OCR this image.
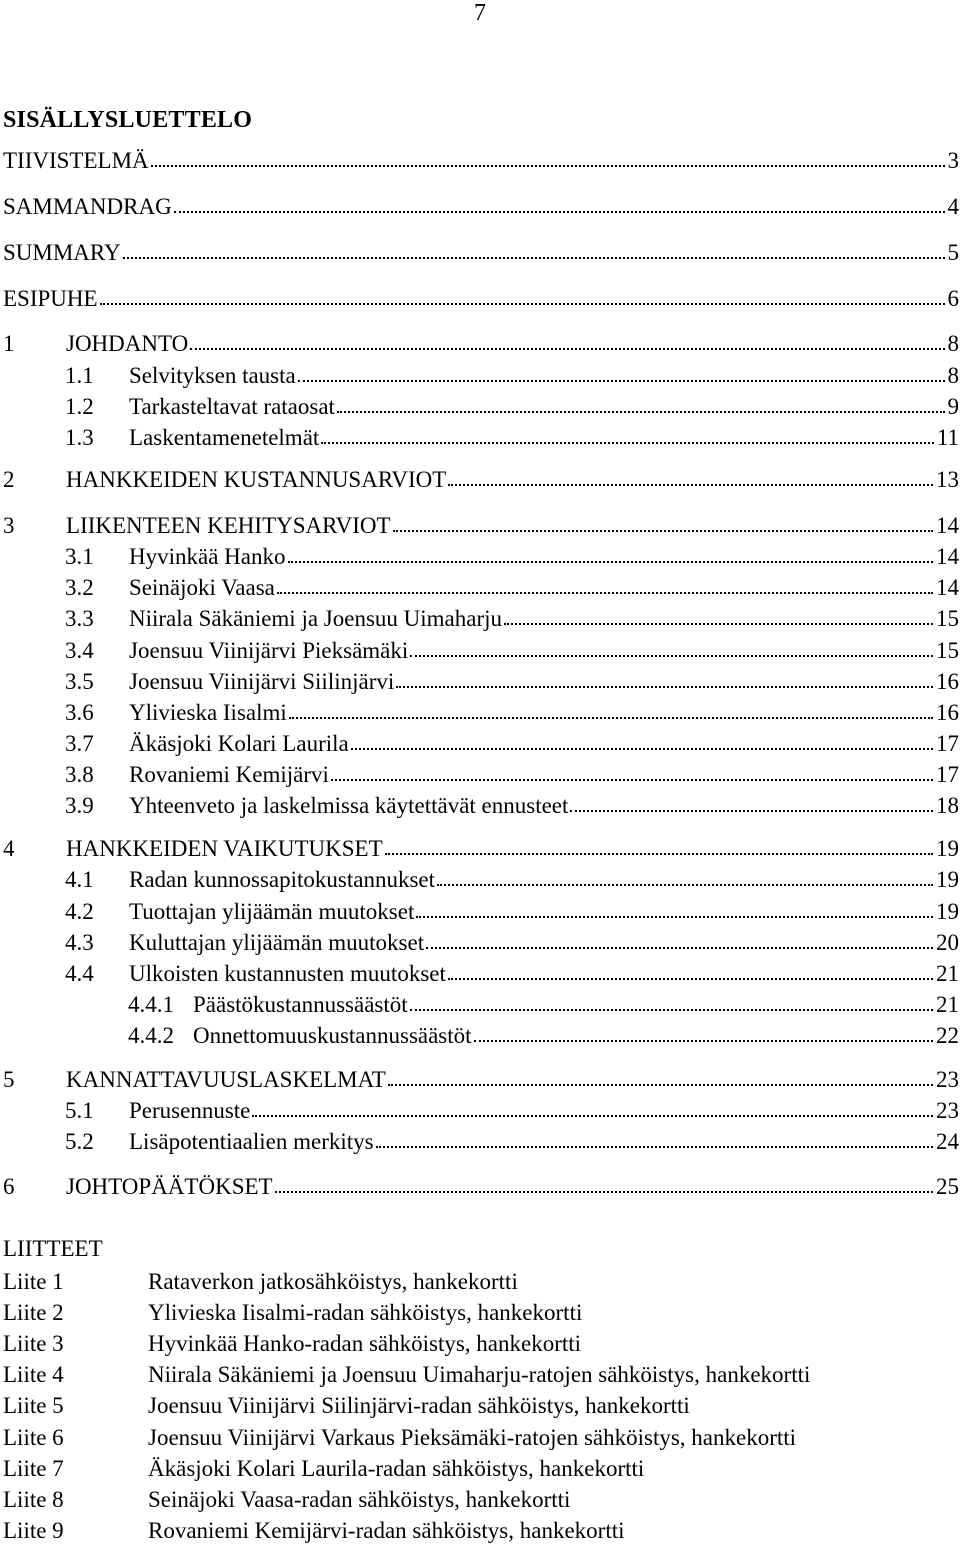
7
SISÄLLYSLUETTELO
TIIVISTELMÄ	3
SAMMANDRAG	4
SUMMARY	5
ESIPUHE	6
1 JOHDANTO	8
1.1 Selvityksen tausta	8
1.2 Tarkasteltavat rataosat	9
1.3 Laskentamenetelmät	11
2 HANKKEIDEN KUSTANNUSARVIOT	13
3 LIIKENTEEN KEHITYSARVIOT	14
3.1 Hyvinkää Hanko	14
3.2 Seinäjoki Vaasa	14
3.3 Niirala Säkäniemi ja Joensuu Uimaharju	15
3.4 Joensuu Viinijärvi Pieksämäki	15
3.5 Joensuu Viinijärvi Siilinjärvi	16
3.6 Ylivieska Iisalmi	16
3.7 Äkäsjoki Kolari Laurila	17
3.8 Rovaniemi Kemijärvi	17
3.9 Yhteenveto ja laskelmissa käytettävät ennusteet	18
4 HANKKEIDEN VAIKUTUKSET	19
4.1 Radan kunnossapitokustannukset	19
4.2 Tuottajan ylijäämän muutokset	19
4.3 Kuluttajan ylijäämän muutokset	20
4.4 Ulkoisten kustannusten muutokset	21
4.4.1 Päästökustannussäästöt	21
4.4.2 Onnettomuuskustannussäästöt	22
5 KANNATTAVUUSLASKELMAT	23
5.1 Perusennuste	23
5.2 Lisäpotentiaalien merkitys	24
6 JOHTOPÄÄTÖKSET	25
LIITTEET
Liite 1	Rataverkon jatkosähköistys, hankekortti
Liite 2	Ylivieska Iisalmi-radan sähköistys, hankekortti
Liite 3	Hyvinkää Hanko-radan sähköistys, hankekortti
Liite 4	Niirala Säkäniemi ja Joensuu Uimaharju-ratojen sähköistys, hankekortti
Liite 5	Joensuu Viinijärvi Siilinjärvi-radan sähköistys, hankekortti
Liite 6	Joensuu Viinijärvi Varkaus Pieksämäki-ratojen sähköistys, hankekortti
Liite 7	Äkäsjoki Kolari Laurila-radan sähköistys, hankekortti
Liite 8	Seinäjoki Vaasa-radan sähköistys, hankekortti
Liite 9	Rovaniemi Kemijärvi-radan sähköistys, hankekortti
